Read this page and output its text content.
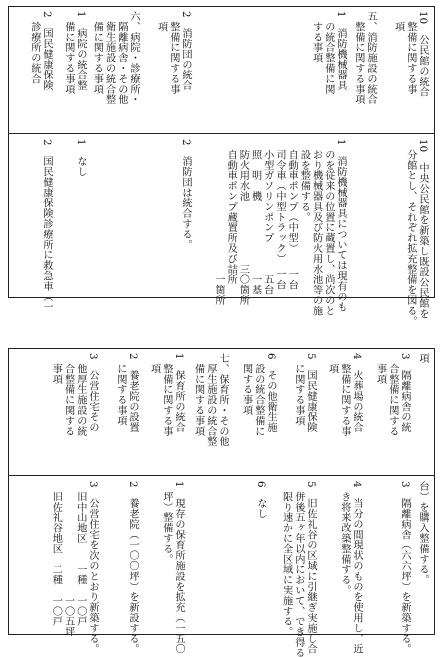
10　公民館の統合
　整備に関する事
　項
五、消防施設の統合
　整備に関する事項
1　消防機械器具
　の統合整備に関
　する事項
2　消防団の統合
　整備に関する事
　項
六、病院・診療所・
　隔離病舎・その他
　衛生施設の統合整
　備に関する事項
1　病院の統合整
　備に関する事項
2　国民健康保険
　診療所の統合
10　中央公民館を新築し既設公民館を
　分館とし、それぞれ拡充整備を図る。
1　消防機械器具については現有のも
　のを従来の位置に蔵置し、尚次のと
　おり機械器具及び防火用水池等の施
　設を整備する。
　自動車ポンプ（中型）　　一台
　司令車（中型トラック）　一台
　小型ガソリンポンプ　　　五台
　照　明　機　　　　　　　一基
　防火用水池　　　　　　三〇箇所
　自動車ポンプ蔵置所及び詰所
　　　　　　　　　　　　　一箇所
2　消防団は統合する。
1　なし
2　国民健康保険診療所に救急車（一
項
3　隔離病舎の統
　合整備に関する
　事項
4　火葬場の統合
　整備に関する事
　項
5　国民健康保険
　に関する事項
6　その他衛生施
　設の統合整備に
　関する事項
七、保育所・その他
　厚生施設の統合整
　備に関する事項
1　保育所の統合
　整備に関する事
　項
2　養老院の設置
　に関する事項
3　公営住宅その
　他厚生施設の統
　合整備に関する
　事項
台）を購入整備する。
3　隔離病舎（六六坪）を新築する。
4　当分の間現状のものを使用し、近
　き将来改築整備する。
5　旧佐礼谷の区域に引継ぎ実施し合
　併後五ヶ年以内において、でき得る
　限り速かに全区域に実施する。
6　なし
1　現存の保育所施設を拡充（一五〇
　坪）整備する。
2　養老院（一〇〇坪）を新設する。
3　公営住宅を次のとおり新築する。
　旧中山地区　　一種　一〇戸
　　　　　　　　　　　一〇五坪
　旧佐礼谷地区　二種　一〇戸
